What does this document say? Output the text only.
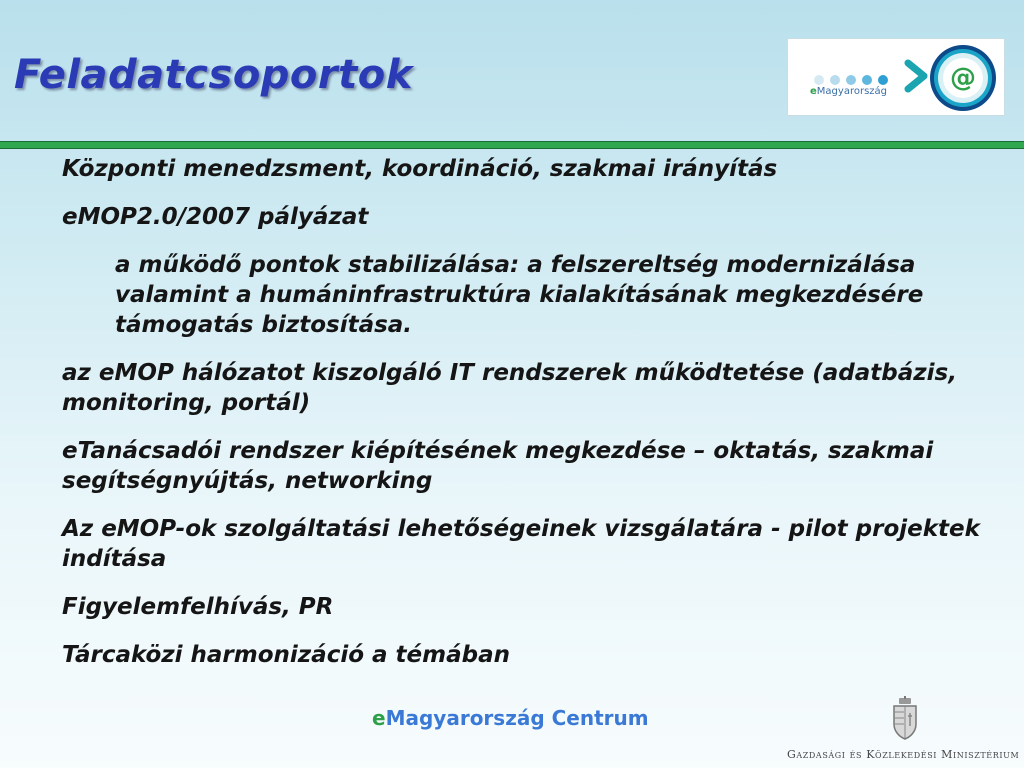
Feladatcsoportok	@
eMagyarország

Központi menedzsment, koordináció, szakmai irányítás

eMOP2.0/2007 pályázat

a működő pontok stabilizálása: a felszereltség modernizálása valamint a humáninfrastruktúra kialakításának megkezdésére támogatás biztosítása.

az eMOP hálózatot kiszolgáló IT rendszerek működtetése (adatbázis, monitoring, portál)

eTanácsadói rendszer kiépítésének megkezdése – oktatás, szakmai segítségnyújtás, networking

Az eMOP-ok szolgáltatási lehetőségeinek vizsgálatára - pilot projektek indítása

Figyelemfelhívás, PR

Tárcaközi harmonizáció a témában

eMagyarország Centrum
Gazdasági és Közlekedési Minisztérium
